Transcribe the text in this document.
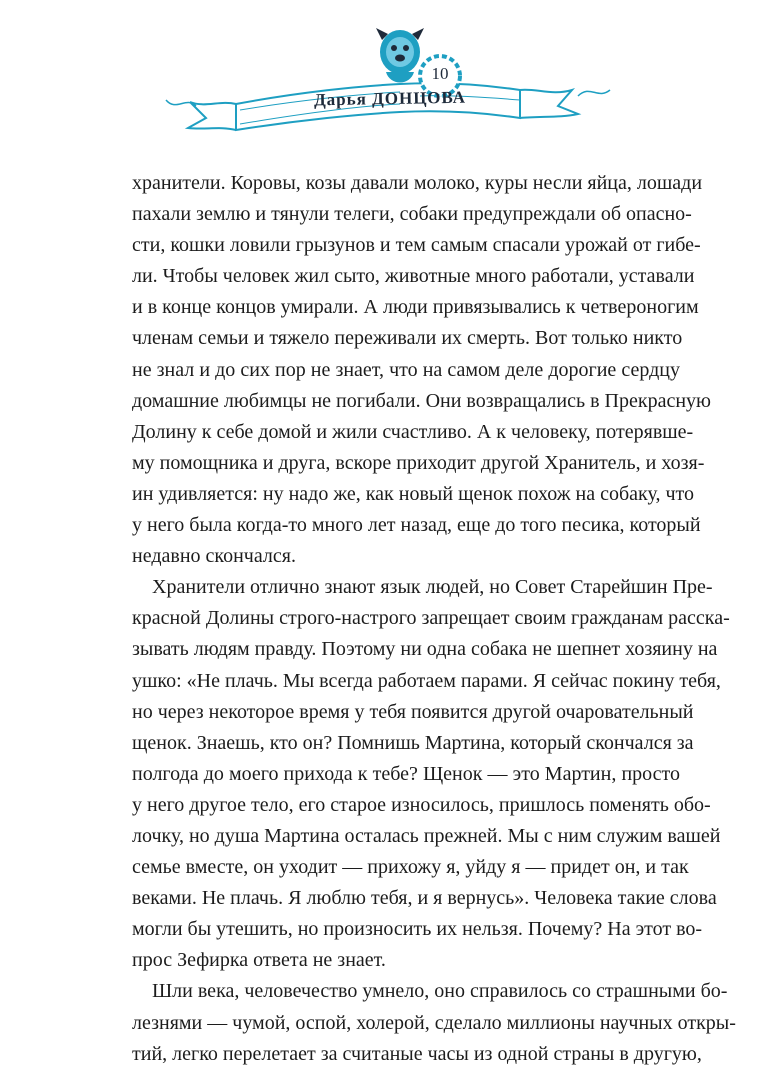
10
Дарья ДОНЦОВА
хранители. Коровы, козы давали молоко, куры несли яйца, лошади
пахали землю и тянули телеги, собаки предупреждали об опасно-
сти, кошки ловили грызунов и тем самым спасали урожай от гибе-
ли. Чтобы человек жил сыто, животные много работали, уставали
и в конце концов умирали. А люди привязывались к четвероногим
членам семьи и тяжело переживали их смерть. Вот только никто
не знал и до сих пор не знает, что на самом деле дорогие сердцу
домашние любимцы не погибали. Они возвращались в Прекрасную
Долину к себе домой и жили счастливо. А к человеку, потерявше-
му помощника и друга, вскоре приходит другой Хранитель, и хозя-
ин удивляется: ну надо же, как новый щенок похож на собаку, что
у него была когда-то много лет назад, еще до того песика, который
недавно скончался.
Хранители отлично знают язык людей, но Совет Старейшин Пре-
красной Долины строго-настрого запрещает своим гражданам расска-
зывать людям правду. Поэтому ни одна собака не шепнет хозяину на
ушко: «Не плачь. Мы всегда работаем парами. Я сейчас покину тебя,
но через некоторое время у тебя появится другой очаровательный
щенок. Знаешь, кто он? Помнишь Мартина, который скончался за
полгода до моего прихода к тебе? Щенок — это Мартин, просто
у него другое тело, его старое износилось, пришлось поменять обо-
лочку, но душа Мартина осталась прежней. Мы с ним служим вашей
семье вместе, он уходит — прихожу я, уйду я — придет он, и так
веками. Не плачь. Я люблю тебя, и я вернусь». Человека такие слова
могли бы утешить, но произносить их нельзя. Почему? На этот во-
прос Зефирка ответа не знает.
Шли века, человечество умнело, оно справилось со страшными бо-
лезнями — чумой, оспой, холерой, сделало миллионы научных откры-
тий, легко перелетает за считаные часы из одной страны в другую,
